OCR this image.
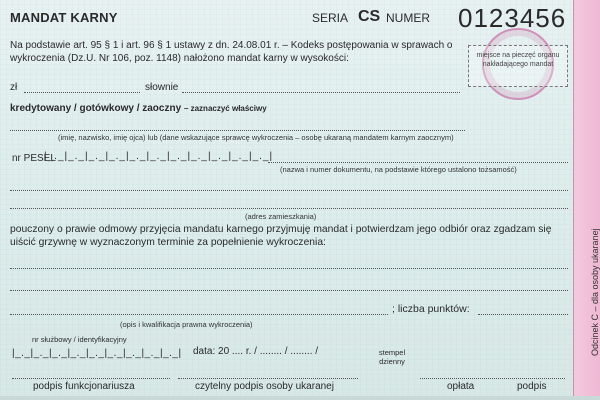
MANDAT KARNY	SERIA CS NUMER 0123456
Na podstawie art. 95 § 1 i art. 96 § 1 ustawy z dn. 24.08.01 r. – Kodeks postępowania w sprawach o wykroczenia (Dz.U. Nr 106, poz. 1148) nałożono mandat karny w wysokości:	miejsce na pieczęć organu nakładającego mandat
zł	słownie
kredytowany / gotówkowy / zaoczny – zaznaczyć właściwy
(imię, nazwisko, imię ojca) lub (dane wskazujące sprawcę wykroczenia – osobę ukaraną mandatem karnym zaocznym)
nr PESEL
|_._|_._|_._|_._|_._|_._|_._|_._|_._|_._|_._|
(nazwa i numer dokumentu, na podstawie którego ustalono tożsamość)
(adres zamieszkania)
pouczony o prawie odmowy przyjęcia mandatu karnego przyjmuję mandat i potwierdzam jego odbiór oraz zgadzam się uiścić grzywnę w wyznaczonym terminie za popełnienie wykroczenia:
; liczba punktów:
(opis i kwalifikacja prawna wykroczenia)
nr służbowy / identyfikacyjny
|_._|_._|_._|_._|_._|_._|_._|_._|_._| data: 20 .... r. / ........ / ........ /	stempel dzienny
podpis funkcjonariusza	czytelny podpis osoby ukaranej	opłata	podpis
Odcinek C – dla osoby ukaranej
